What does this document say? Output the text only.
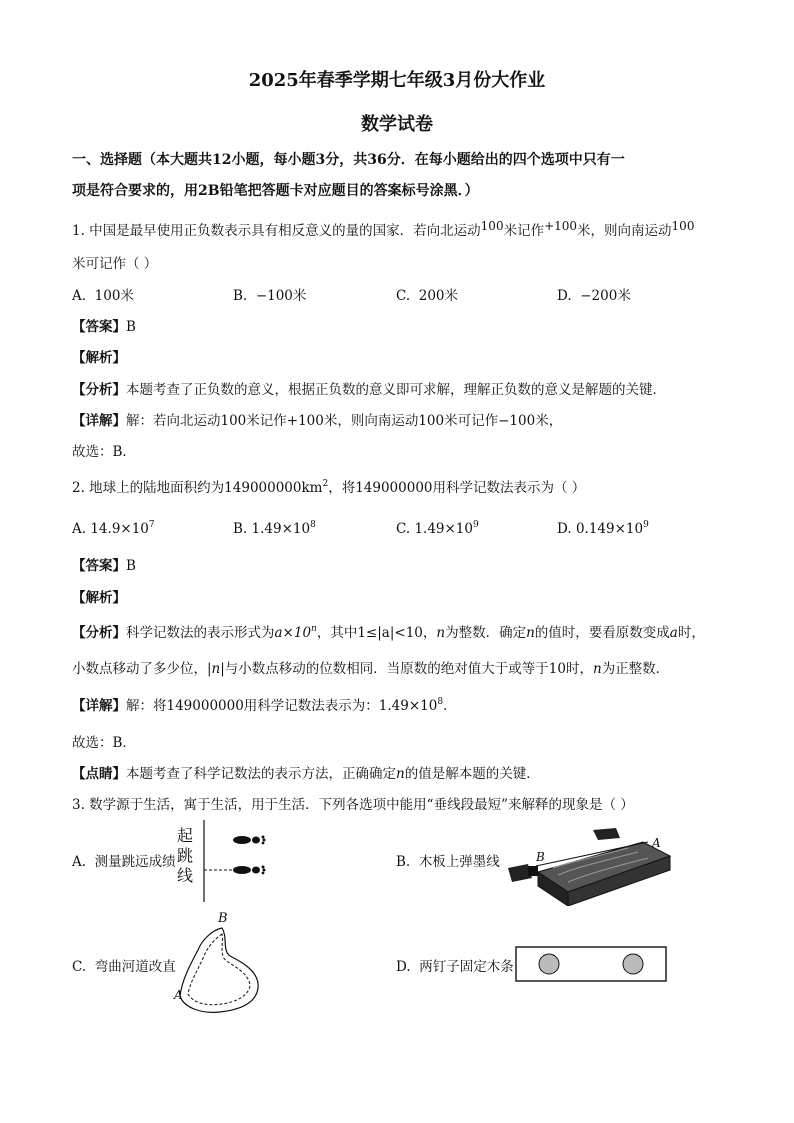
2025年春季学期七年级3月份大作业
数学试卷
一、选择题（本大题共12小题，每小题3分，共36分．在每小题给出的四个选项中只有一
项是符合要求的，用2B铅笔把答题卡对应题目的答案标号涂黑．）
1. 中国是最早使用正负数表示具有相反意义的量的国家．若向北运动100米记作+100米，则向南运动100
米可记作（ ）
A. 100米	B. −100米	C. 200米	D. −200米
【答案】B
【解析】
【分析】本题考查了正负数的意义，根据正负数的意义即可求解，理解正负数的意义是解题的关键．
【详解】解：若向北运动100米记作+100米，则向南运动100米可记作−100米，
故选：B．
2. 地球上的陆地面积约为$149000000km^2$，将149000000用科学记数法表示为（ ）
A. $14.9\times 10^7$	B. $1.49\times 10^8$	C. $1.49\times 10^9$	D. $0.149\times 10^9$
【答案】B
【解析】
【分析】科学记数法的表示形式为$a\times 10^n$，其中1≤|a|<10，n为整数．确定n的值时，要看原数变成a时，
小数点移动了多少位，|n|与小数点移动的位数相同．当原数的绝对值大于或等于10时，n为正整数．
【详解】解：将149000000用科学记数法表示为：$1.49\times 10^8$．
故选：B．
【点睛】本题考查了科学记数法的表示方法，正确确定n的值是解本题的关键．
3. 数学源于生活，寓于生活，用于生活．下列各选项中能用“垂线段最短”来解释的现象是（ ）
A. 测量跳远成绩	B. 木板上弹墨线
C. 弯曲河道改直	D. 两钉子固定木条
起
跳
线
A
B
A
B
